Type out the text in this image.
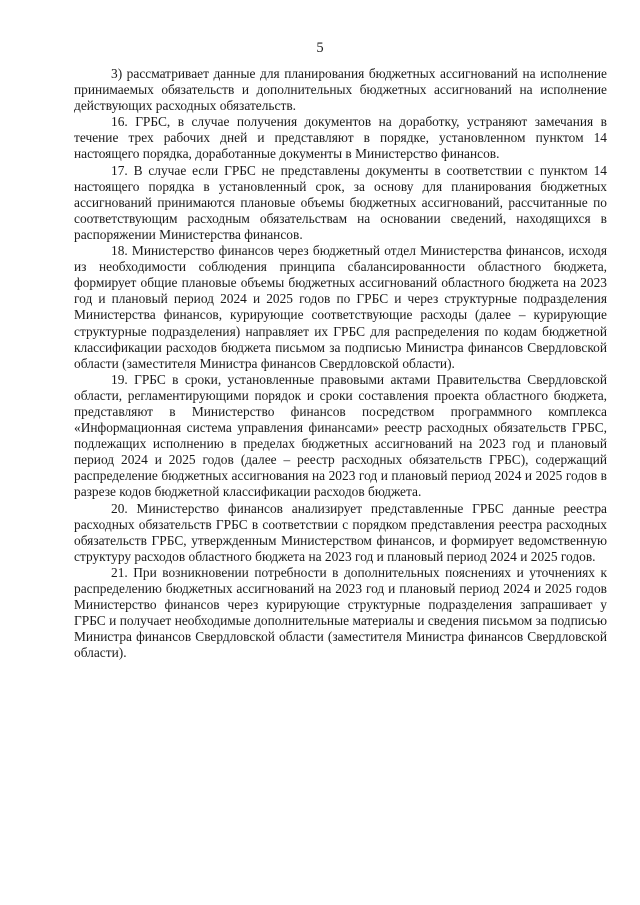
5

3) рассматривает данные для планирования бюджетных ассигнований на исполнение принимаемых обязательств и дополнительных бюджетных ассигнований на исполнение действующих расходных обязательств.

16. ГРБС, в случае получения документов на доработку, устраняют замечания в течение трех рабочих дней и представляют в порядке, установленном пунктом 14 настоящего порядка, доработанные документы в Министерство финансов.

17. В случае если ГРБС не представлены документы в соответствии с пунктом 14 настоящего порядка в установленный срок, за основу для планирования бюджетных ассигнований принимаются плановые объемы бюджетных ассигнований, рассчитанные по соответствующим расходным обязательствам на основании сведений, находящихся в распоряжении Министерства финансов.

18. Министерство финансов через бюджетный отдел Министерства финансов, исходя из необходимости соблюдения принципа сбалансированности областного бюджета, формирует общие плановые объемы бюджетных ассигнований областного бюджета на 2023 год и плановый период 2024 и 2025 годов по ГРБС и через структурные подразделения Министерства финансов, курирующие соответствующие расходы (далее – курирующие структурные подразделения) направляет их ГРБС для распределения по кодам бюджетной классификации расходов бюджета письмом за подписью Министра финансов Свердловской области (заместителя Министра финансов Свердловской области).

19. ГРБС в сроки, установленные правовыми актами Правительства Свердловской области, регламентирующими порядок и сроки составления проекта областного бюджета, представляют в Министерство финансов посредством программного комплекса «Информационная система управления финансами» реестр расходных обязательств ГРБС, подлежащих исполнению в пределах бюджетных ассигнований на 2023 год и плановый период 2024 и 2025 годов (далее – реестр расходных обязательств ГРБС), содержащий распределение бюджетных ассигнования на 2023 год и плановый период 2024 и 2025 годов в разрезе кодов бюджетной классификации расходов бюджета.

20. Министерство финансов анализирует представленные ГРБС данные реестра расходных обязательств ГРБС в соответствии с порядком представления реестра расходных обязательств ГРБС, утвержденным Министерством финансов, и формирует ведомственную структуру расходов областного бюджета на 2023 год и плановый период 2024 и 2025 годов.

21. При возникновении потребности в дополнительных пояснениях и уточнениях к распределению бюджетных ассигнований на 2023 год и плановый период 2024 и 2025 годов Министерство финансов через курирующие структурные подразделения запрашивает у ГРБС и получает необходимые дополнительные материалы и сведения письмом за подписью Министра финансов Свердловской области (заместителя Министра финансов Свердловской области).
